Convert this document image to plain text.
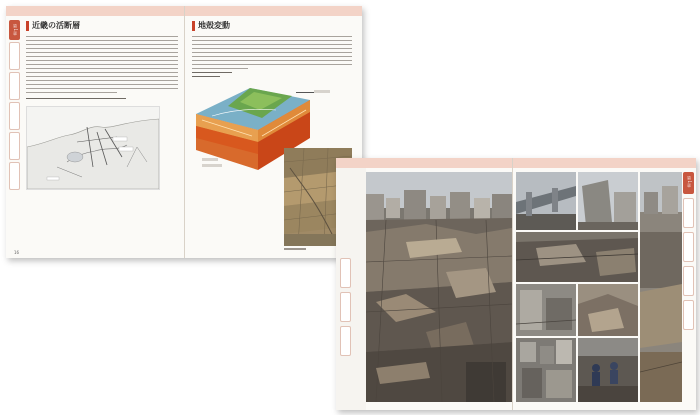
第1章 近畿の活断層
16
地殻変動
第1章
